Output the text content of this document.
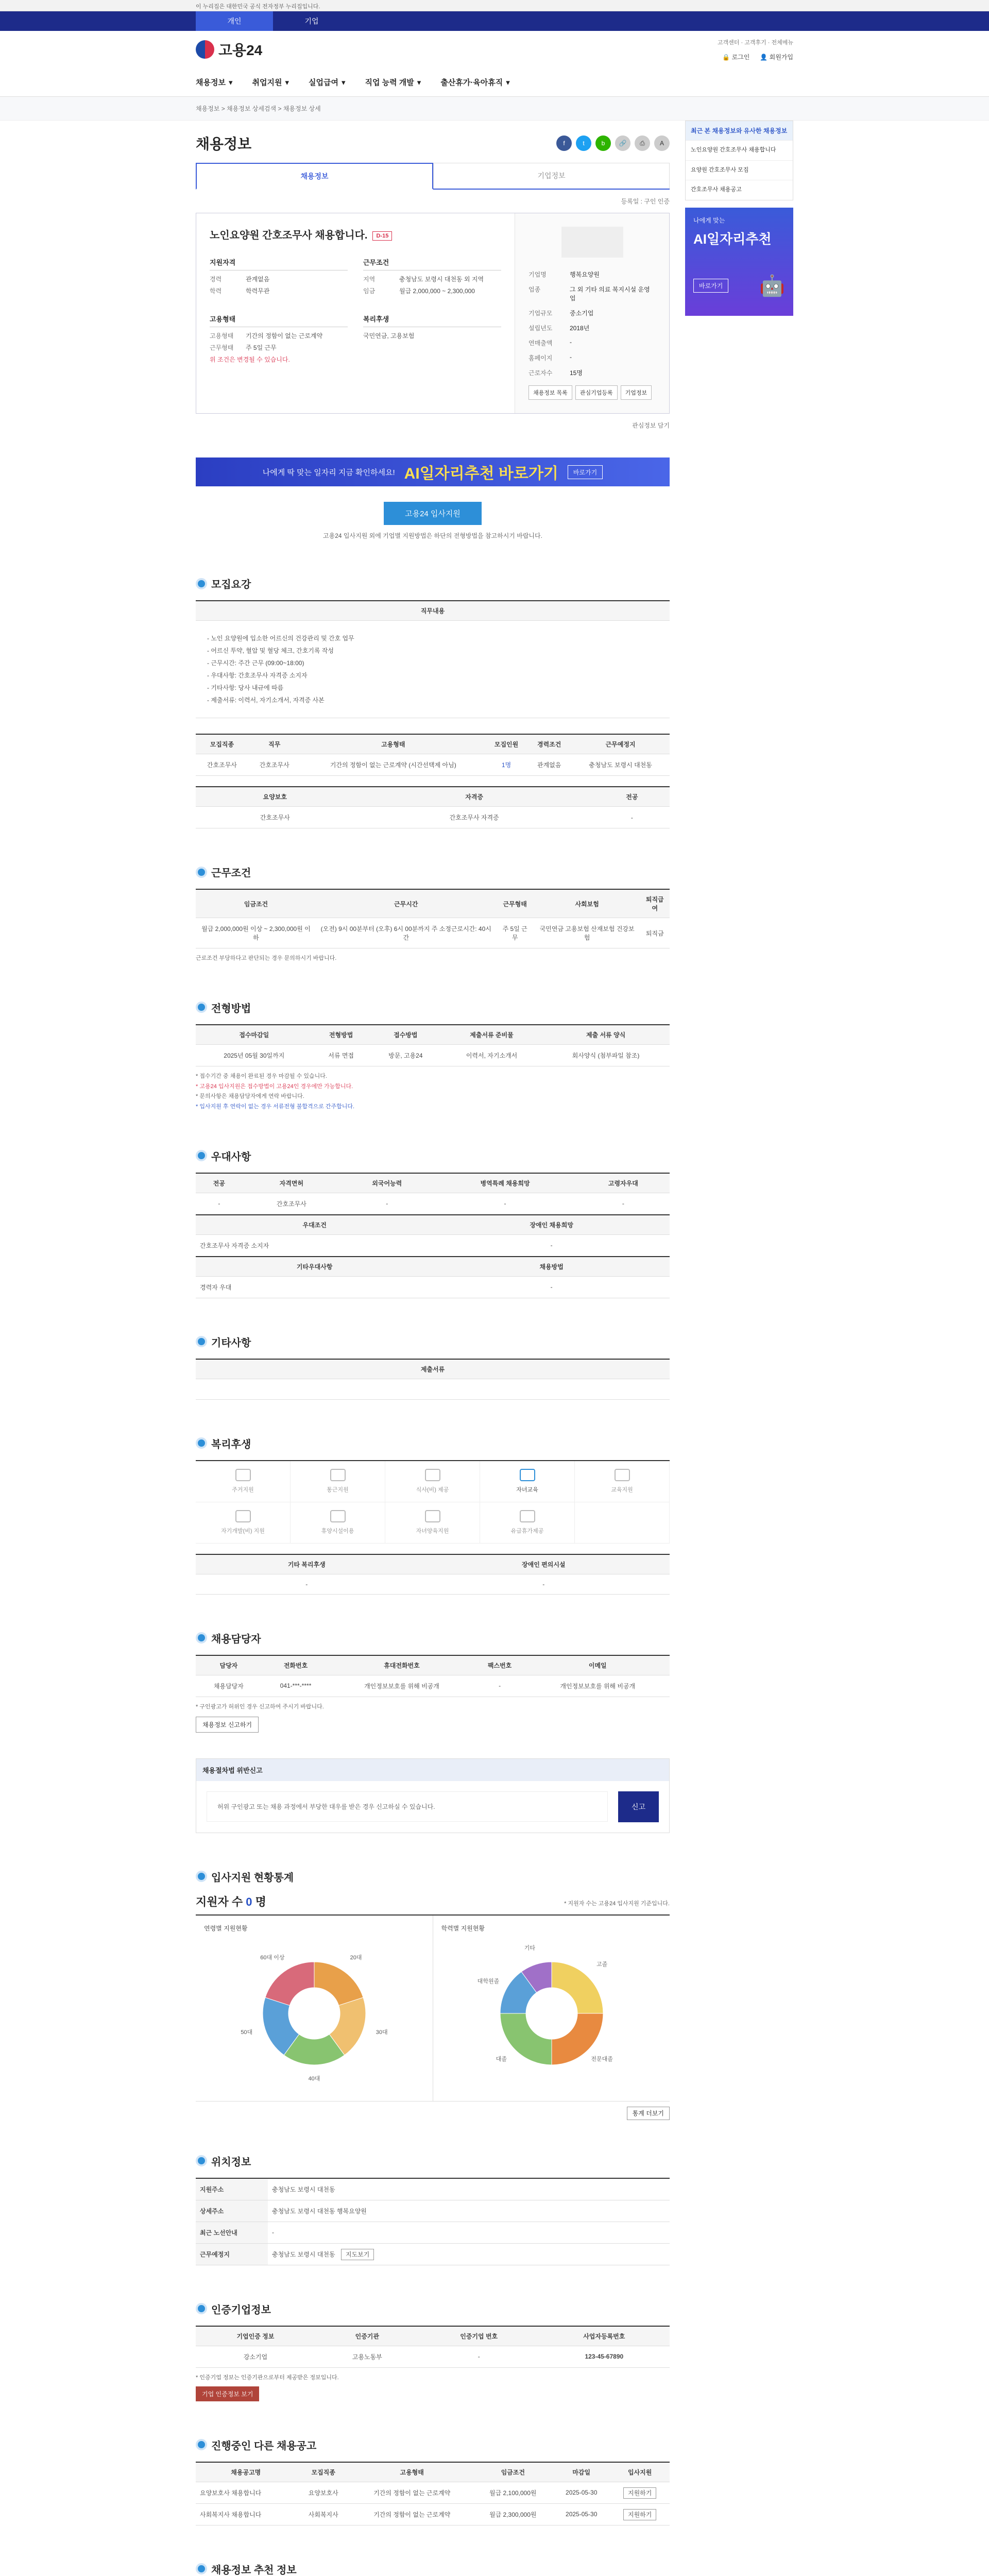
이 누리집은 대한민국 공식 전자정부 누리집입니다.
개인	기업
고용24	고객센터 · 고객후기 · 전체메뉴
🔒 로그인 👤 회원가입
채용정보 ▾	취업지원 ▾	실업급여 ▾	직업 능력 개발 ▾	출산휴가·육아휴직 ▾
채용정보 > 채용정보 상세검색 > 채용정보 상세
채용정보	f	t	b	🔗	⎙	A
채용정보	기업정보
등록일 : 구인 인증
노인요양원 간호조무사 채용합니다. D-15
지원자격
경력	관계없음
학력	학력무관
근무조건
지역	충청남도 보령시 대천동 외 지역
임금	월급 2,000,000 ~ 2,300,000
고용형태
고용형태	기간의 정함이 없는 근로계약
근무형태	주 5일 근무
위 조건은 변경될 수 있습니다.
복리후생
국민연금, 고용보험
기업명	행복요양원
업종	그 외 기타 의료 복지시설 운영업
기업규모	중소기업
설립년도	2018년
연매출액	-
홈페이지	-
근로자수	15명
채용정보 목록	관심기업등록	기업정보
관심정보 담기
나에게 딱 맞는 일자리 지금 확인하세요! AI일자리추천 바로가기	바로가기
고용24 입사지원
고용24 입사지원 외에 기업별 지원방법은 하단의 전형방법을 참고하시기 바랍니다.
모집요강
직무내용

- 노인 요양원에 입소한 어르신의 건강관리 및 간호 업무
- 어르신 투약, 혈압 및 혈당 체크, 간호기록 작성
- 근무시간: 주간 근무 (09:00~18:00)
- 우대사항: 간호조무사 자격증 소지자
- 기타사항: 당사 내규에 따름
- 제출서류: 이력서, 자기소개서, 자격증 사본
모집직종	직무	고용형태	모집인원	경력조건	근무예정지
간호조무사	간호조무사	기간의 정함이 없는 근로계약 (시간선택제 아님)	1명	관계없음	충청남도 보령시 대천동
요양보호	자격증	전공
간호조무사	간호조무사 자격증	-
근무조건
임금조건	근무시간	근무형태	사회보험	퇴직급여
월급 2,000,000원 이상 ~ 2,300,000원 이하	(오전) 9시 00분부터 (오후) 6시 00분까지 주 소정근로시간: 40시간	주 5일 근무	국민연금 고용보험 산재보험 건강보험	퇴직금
근로조건 부당하다고 판단되는 경우 문의하시기 바랍니다.
전형방법
접수마감일	전형방법	접수방법	제출서류 준비물	제출 서류 양식
2025년 05월 30일까지	서류 면접	방문, 고용24	이력서, 자기소개서	회사양식 (첨부파일 참조)
* 접수기간 중 채용이 완료된 경우 마감될 수 있습니다.
* 고용24 입사지원은 접수방법이 고용24인 경우에만 가능합니다.
* 문의사항은 채용담당자에게 연락 바랍니다.
* 입사지원 후 연락이 없는 경우 서류전형 불합격으로 간주합니다.
우대사항
전공	자격면허	외국어능력	병역특례 채용희망	고령자우대
-	간호조무사	-	-	-
우대조건			장애인 채용희망	
간호조무사 자격증 소지자			-	
기타우대사항			채용방법	
경력자 우대			-	
기타사항
제출서류

복리후생
주거지원	통근지원	식사(비) 제공	자녀교육	교육지원
자기개발(비) 지원	휴양시설이용	자녀양육지원	유급휴가제공
기타 복리후생	장애인 편의시설
-	-
채용담당자
담당자	전화번호	휴대전화번호	팩스번호	이메일
채용담당자	041-***-****	개인정보보호를 위해 비공개	-	개인정보보호를 위해 비공개
* 구인광고가 허위인 경우 신고하여 주시기 바랍니다.
채용정보 신고하기
채용절차법 위반신고
허위 구인광고 또는 채용 과정에서 부당한 대우를 받은 경우 신고하실 수 있습니다.	신고
입사지원 현황통계
지원자 수 0 명	* 지원자 수는 고용24 입사지원 기준입니다.
연령별 지원현황
20대
30대
40대
50대
60대 이상
학력별 지원현황
고졸
전문대졸
대졸
대학원졸
기타
통계 더보기
위치정보
지원주소	충청남도 보령시 대천동
상세주소	충청남도 보령시 대천동 행복요양원
최근 노선안내	-
근무예정지	충청남도 보령시 대천동 지도보기
인증기업정보
기업인증 정보	인증기관	인증기업 번호	사업자등록번호
강소기업	고용노동부	-	123-45-67890
* 인증기업 정보는 인증기관으로부터 제공받은 정보입니다.
기업 인증정보 보기
진행중인 다른 채용공고
채용공고명	모집직종	고용형태	임금조건	마감일	입사지원
요양보호사 채용합니다	요양보호사	기간의 정함이 없는 근로계약	월급 2,100,000원	2025-05-30	지원하기
사회복지사 채용합니다	사회복지사	기간의 정함이 없는 근로계약	월급 2,300,000원	2025-05-30	지원하기
채용정보 추천 정보
최근 본 채용정보와 유사한 채용정보
노인요양원 간호조무사 채용합니다
요양원 간호조무사 모집
간호조무사 채용공고
나에게 맞는
AI일자리추천
바로가기 🤖
